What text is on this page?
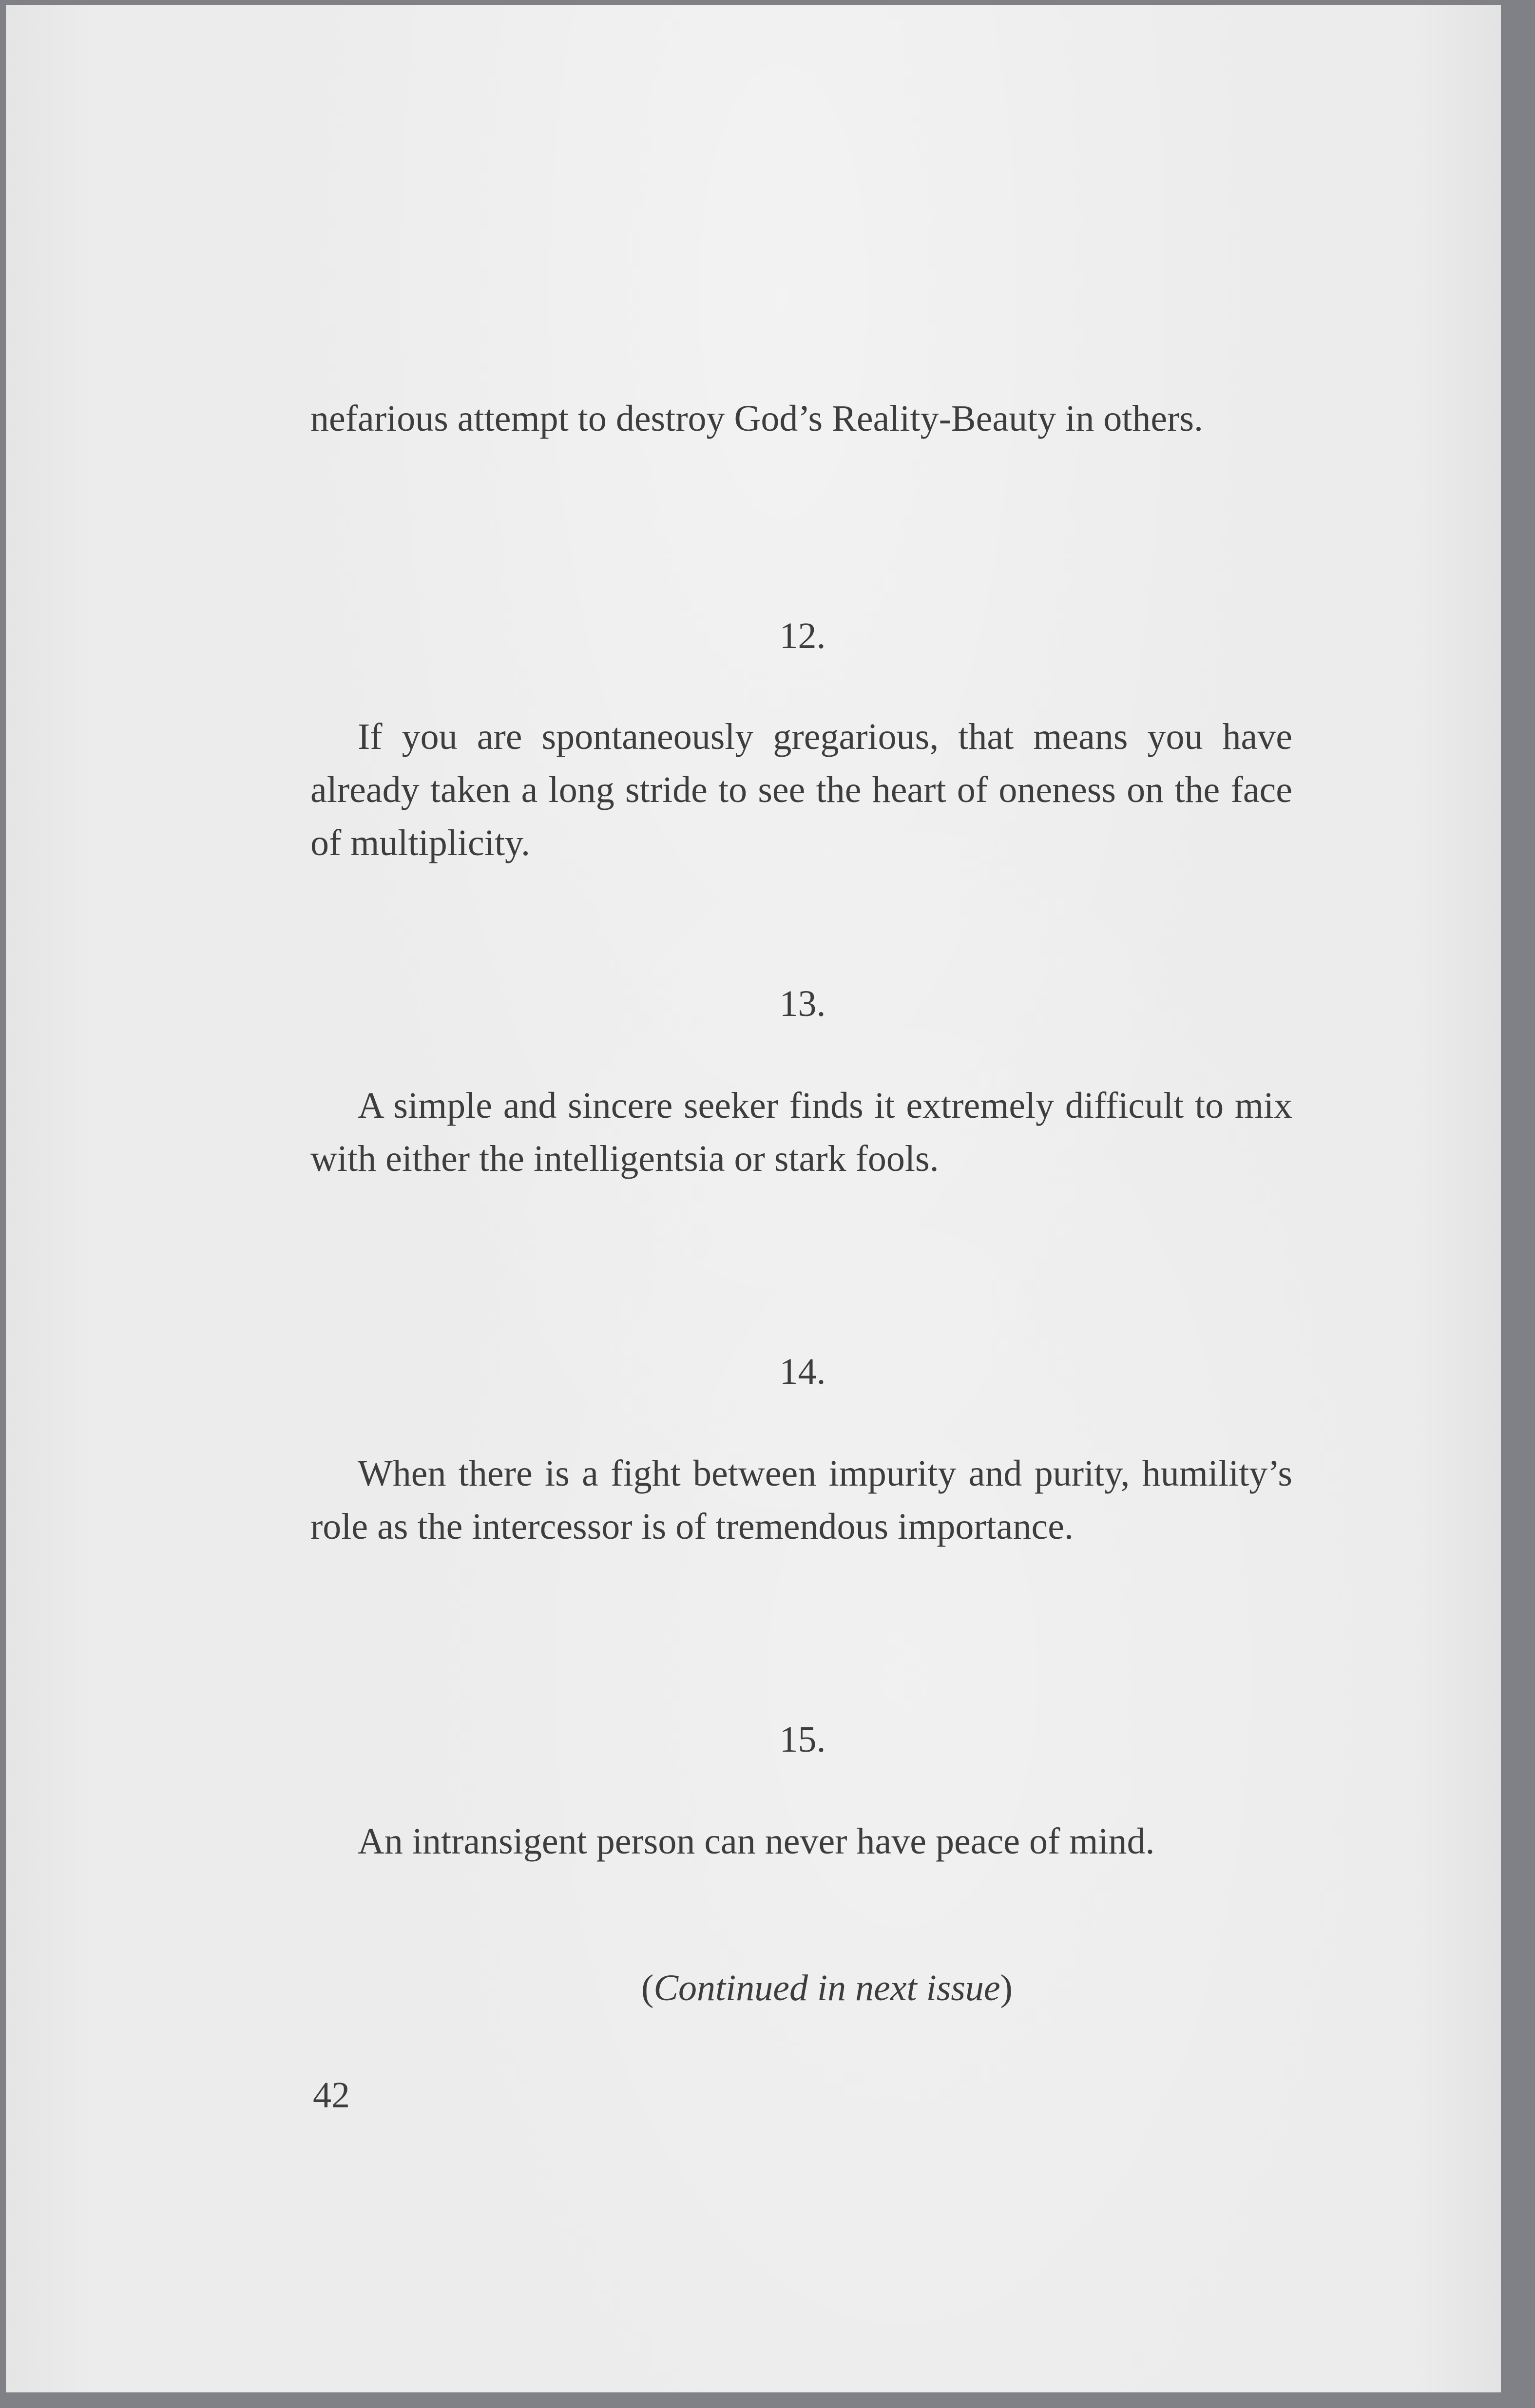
nefarious attempt to destroy God’s Reality-Beauty in others.

12.

If you are spontaneously gregarious, that means you have already taken a long stride to see the heart of oneness on the face of multiplicity.

13.

A simple and sincere seeker finds it extremely difficult to mix with either the intelligentsia or stark fools.

14.

When there is a fight between impurity and purity, humility’s role as the intercessor is of tremendous importance.

15.

An intransigent person can never have peace of mind.

(Continued in next issue)

42
